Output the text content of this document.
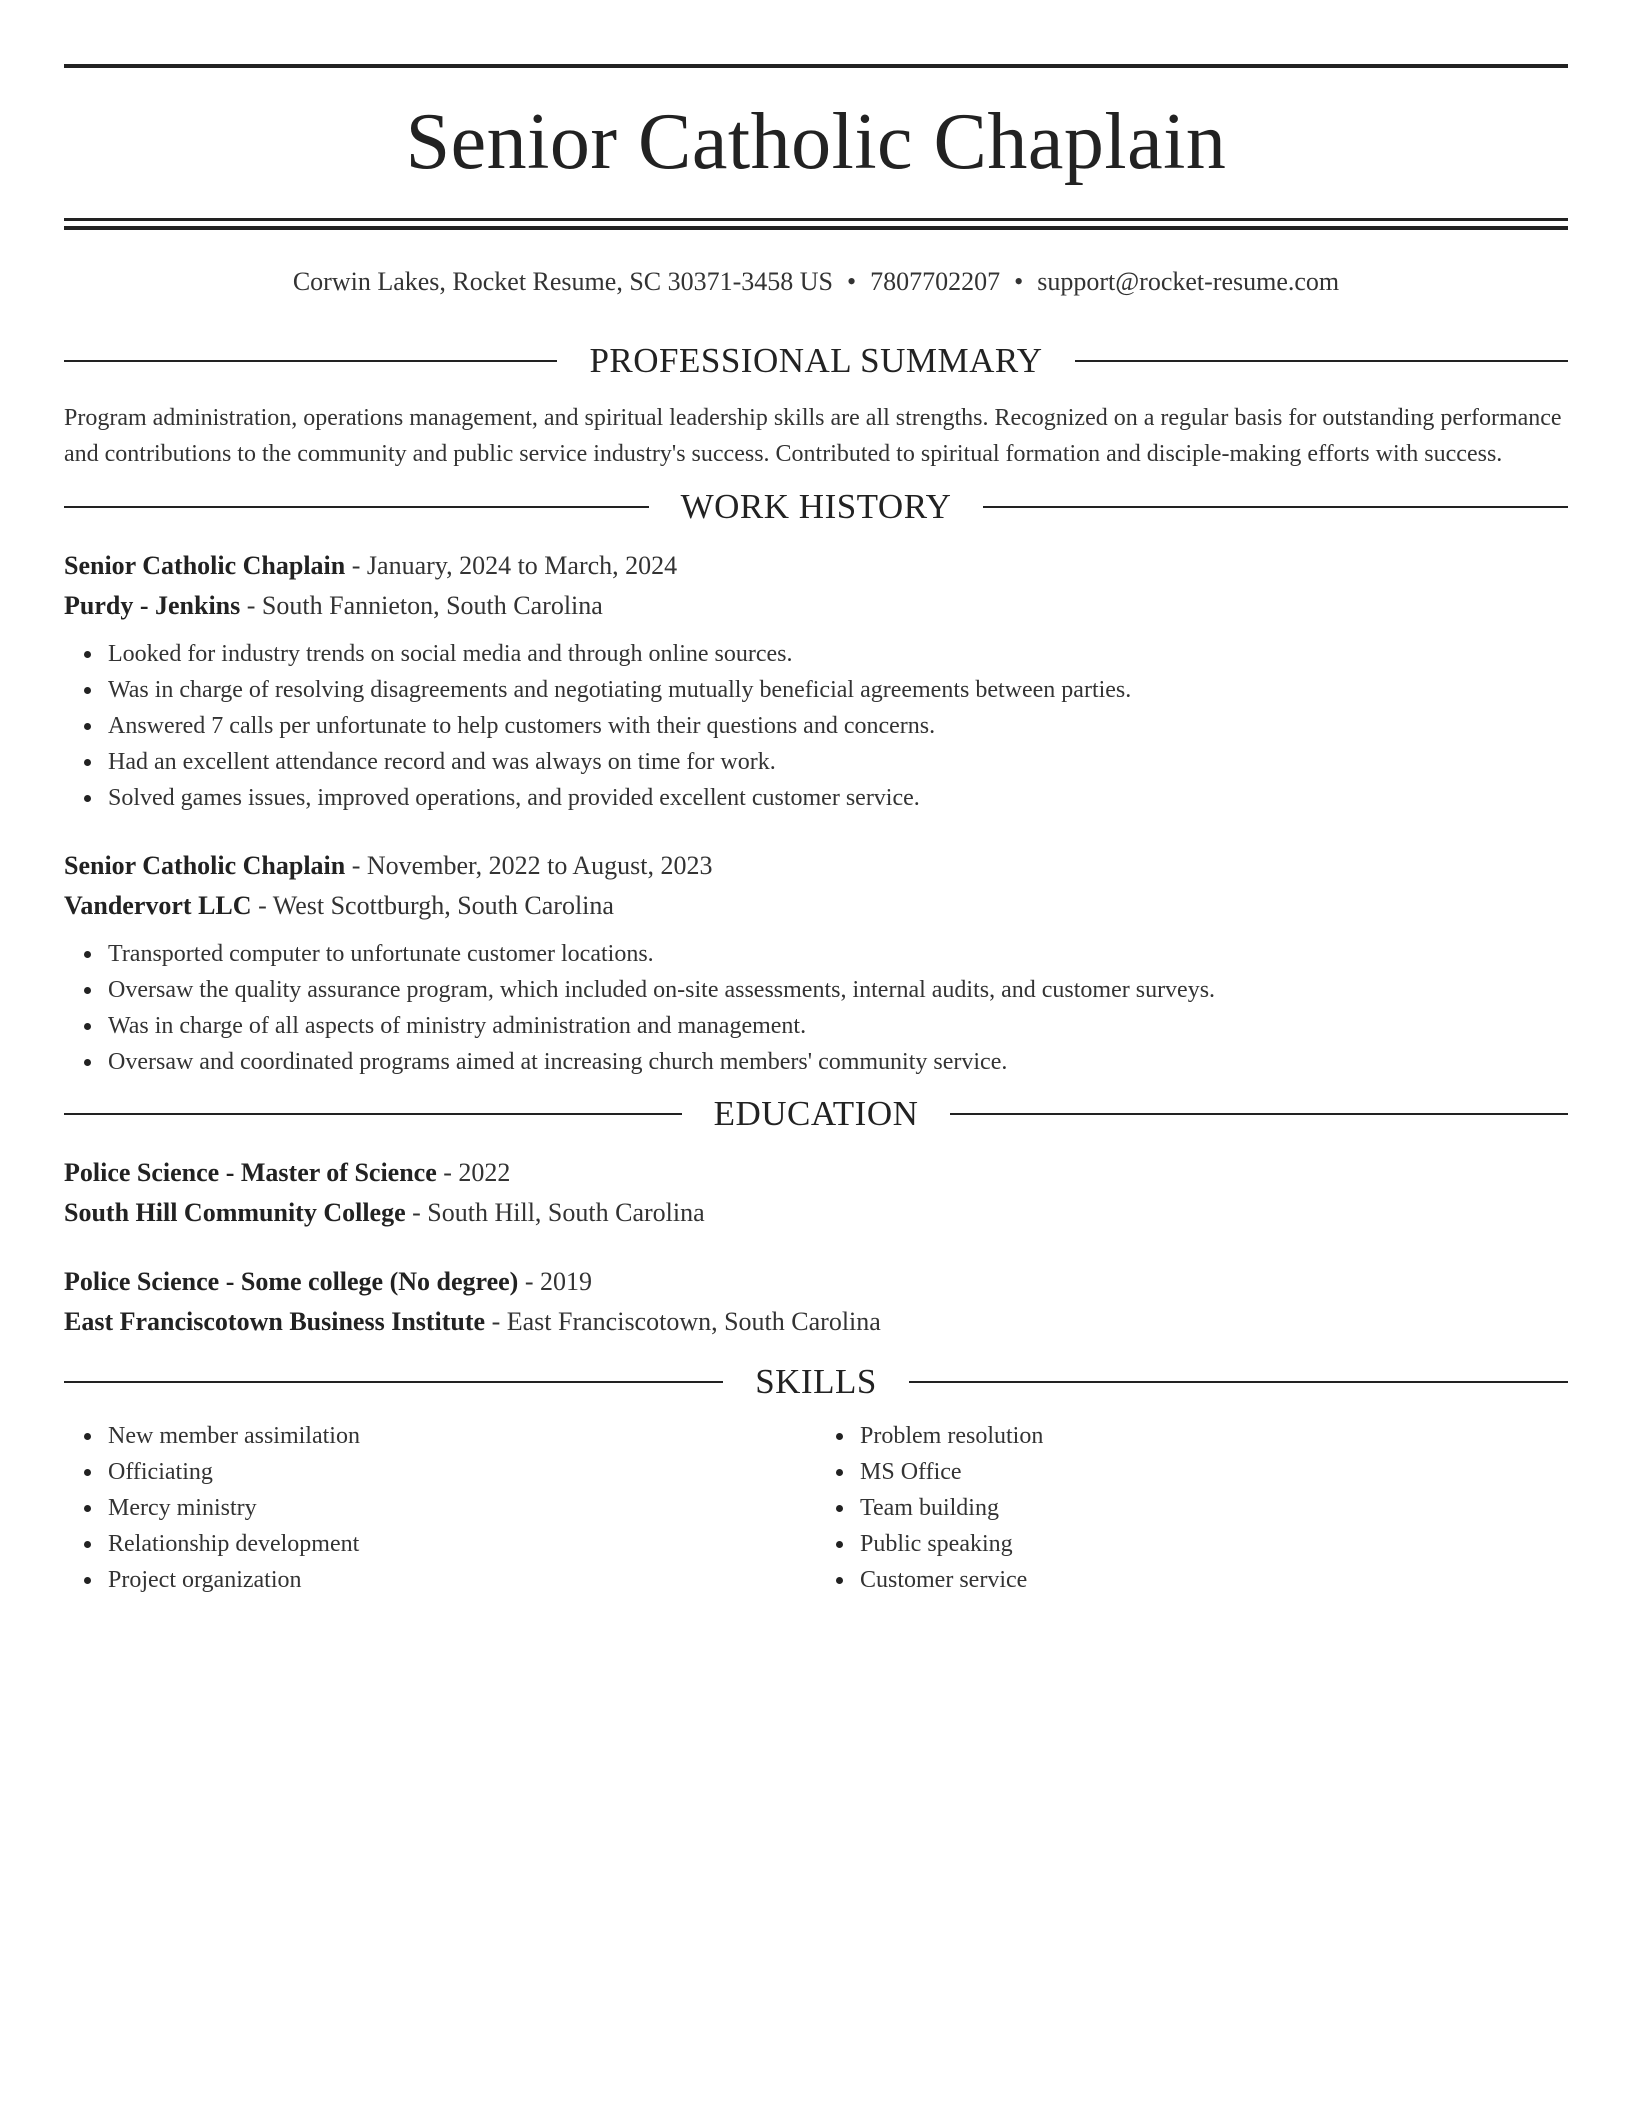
Senior Catholic Chaplain
Corwin Lakes, Rocket Resume, SC 30371-3458 US • 7807702207 • support@rocket-resume.com
PROFESSIONAL SUMMARY
Program administration, operations management, and spiritual leadership skills are all strengths. Recognized on a regular basis for outstanding performance and contributions to the community and public service industry's success. Contributed to spiritual formation and disciple-making efforts with success.
WORK HISTORY
Senior Catholic Chaplain - January, 2024 to March, 2024
Purdy - Jenkins - South Fannieton, South Carolina
Looked for industry trends on social media and through online sources.
Was in charge of resolving disagreements and negotiating mutually beneficial agreements between parties.
Answered 7 calls per unfortunate to help customers with their questions and concerns.
Had an excellent attendance record and was always on time for work.
Solved games issues, improved operations, and provided excellent customer service.
Senior Catholic Chaplain - November, 2022 to August, 2023
Vandervort LLC - West Scottburgh, South Carolina
Transported computer to unfortunate customer locations.
Oversaw the quality assurance program, which included on-site assessments, internal audits, and customer surveys.
Was in charge of all aspects of ministry administration and management.
Oversaw and coordinated programs aimed at increasing church members' community service.
EDUCATION
Police Science - Master of Science - 2022
South Hill Community College - South Hill, South Carolina
Police Science - Some college (No degree) - 2019
East Franciscotown Business Institute - East Franciscotown, South Carolina
SKILLS
New member assimilation
Officiating
Mercy ministry
Relationship development
Project organization
Problem resolution
MS Office
Team building
Public speaking
Customer service
